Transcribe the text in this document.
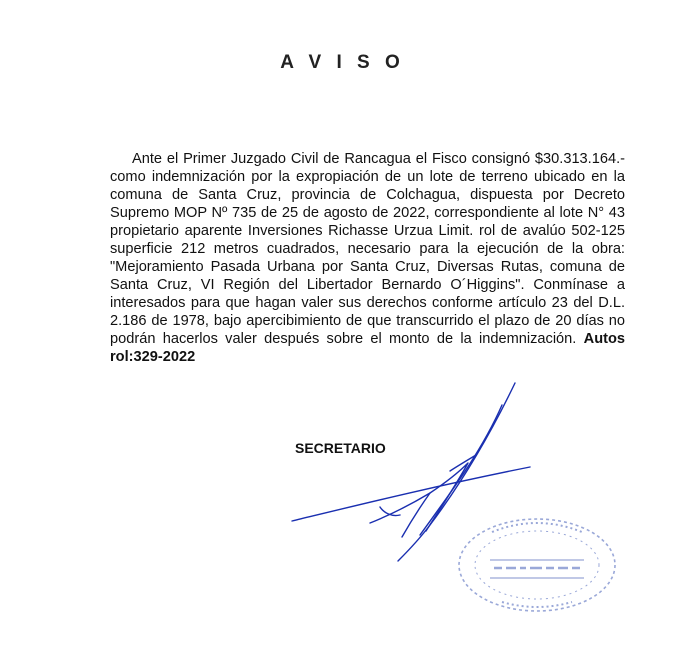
A V I S O
Ante el Primer Juzgado Civil de Rancagua el Fisco consignó $30.313.164.- como indemnización por la expropiación de un lote de terreno ubicado en la comuna de Santa Cruz, provincia de Colchagua, dispuesta por Decreto Supremo MOP Nº 735 de 25 de agosto de 2022, correspondiente al lote N° 43 propietario aparente Inversiones Richasse Urzua Limit. rol de avalúo 502-125 superficie 212 metros cuadrados, necesario para la ejecución de la obra: "Mejoramiento Pasada Urbana por Santa Cruz, Diversas Rutas, comuna de Santa Cruz, VI Región del Libertador Bernardo O´Higgins". Conmínase a interesados para que hagan valer sus derechos conforme artículo 23 del D.L. 2.186 de 1978, bajo apercibimiento de que transcurrido el plazo de 20 días no podrán hacerlos valer después sobre el monto de la indemnización. Autos rol:329-2022
SECRETARIO
